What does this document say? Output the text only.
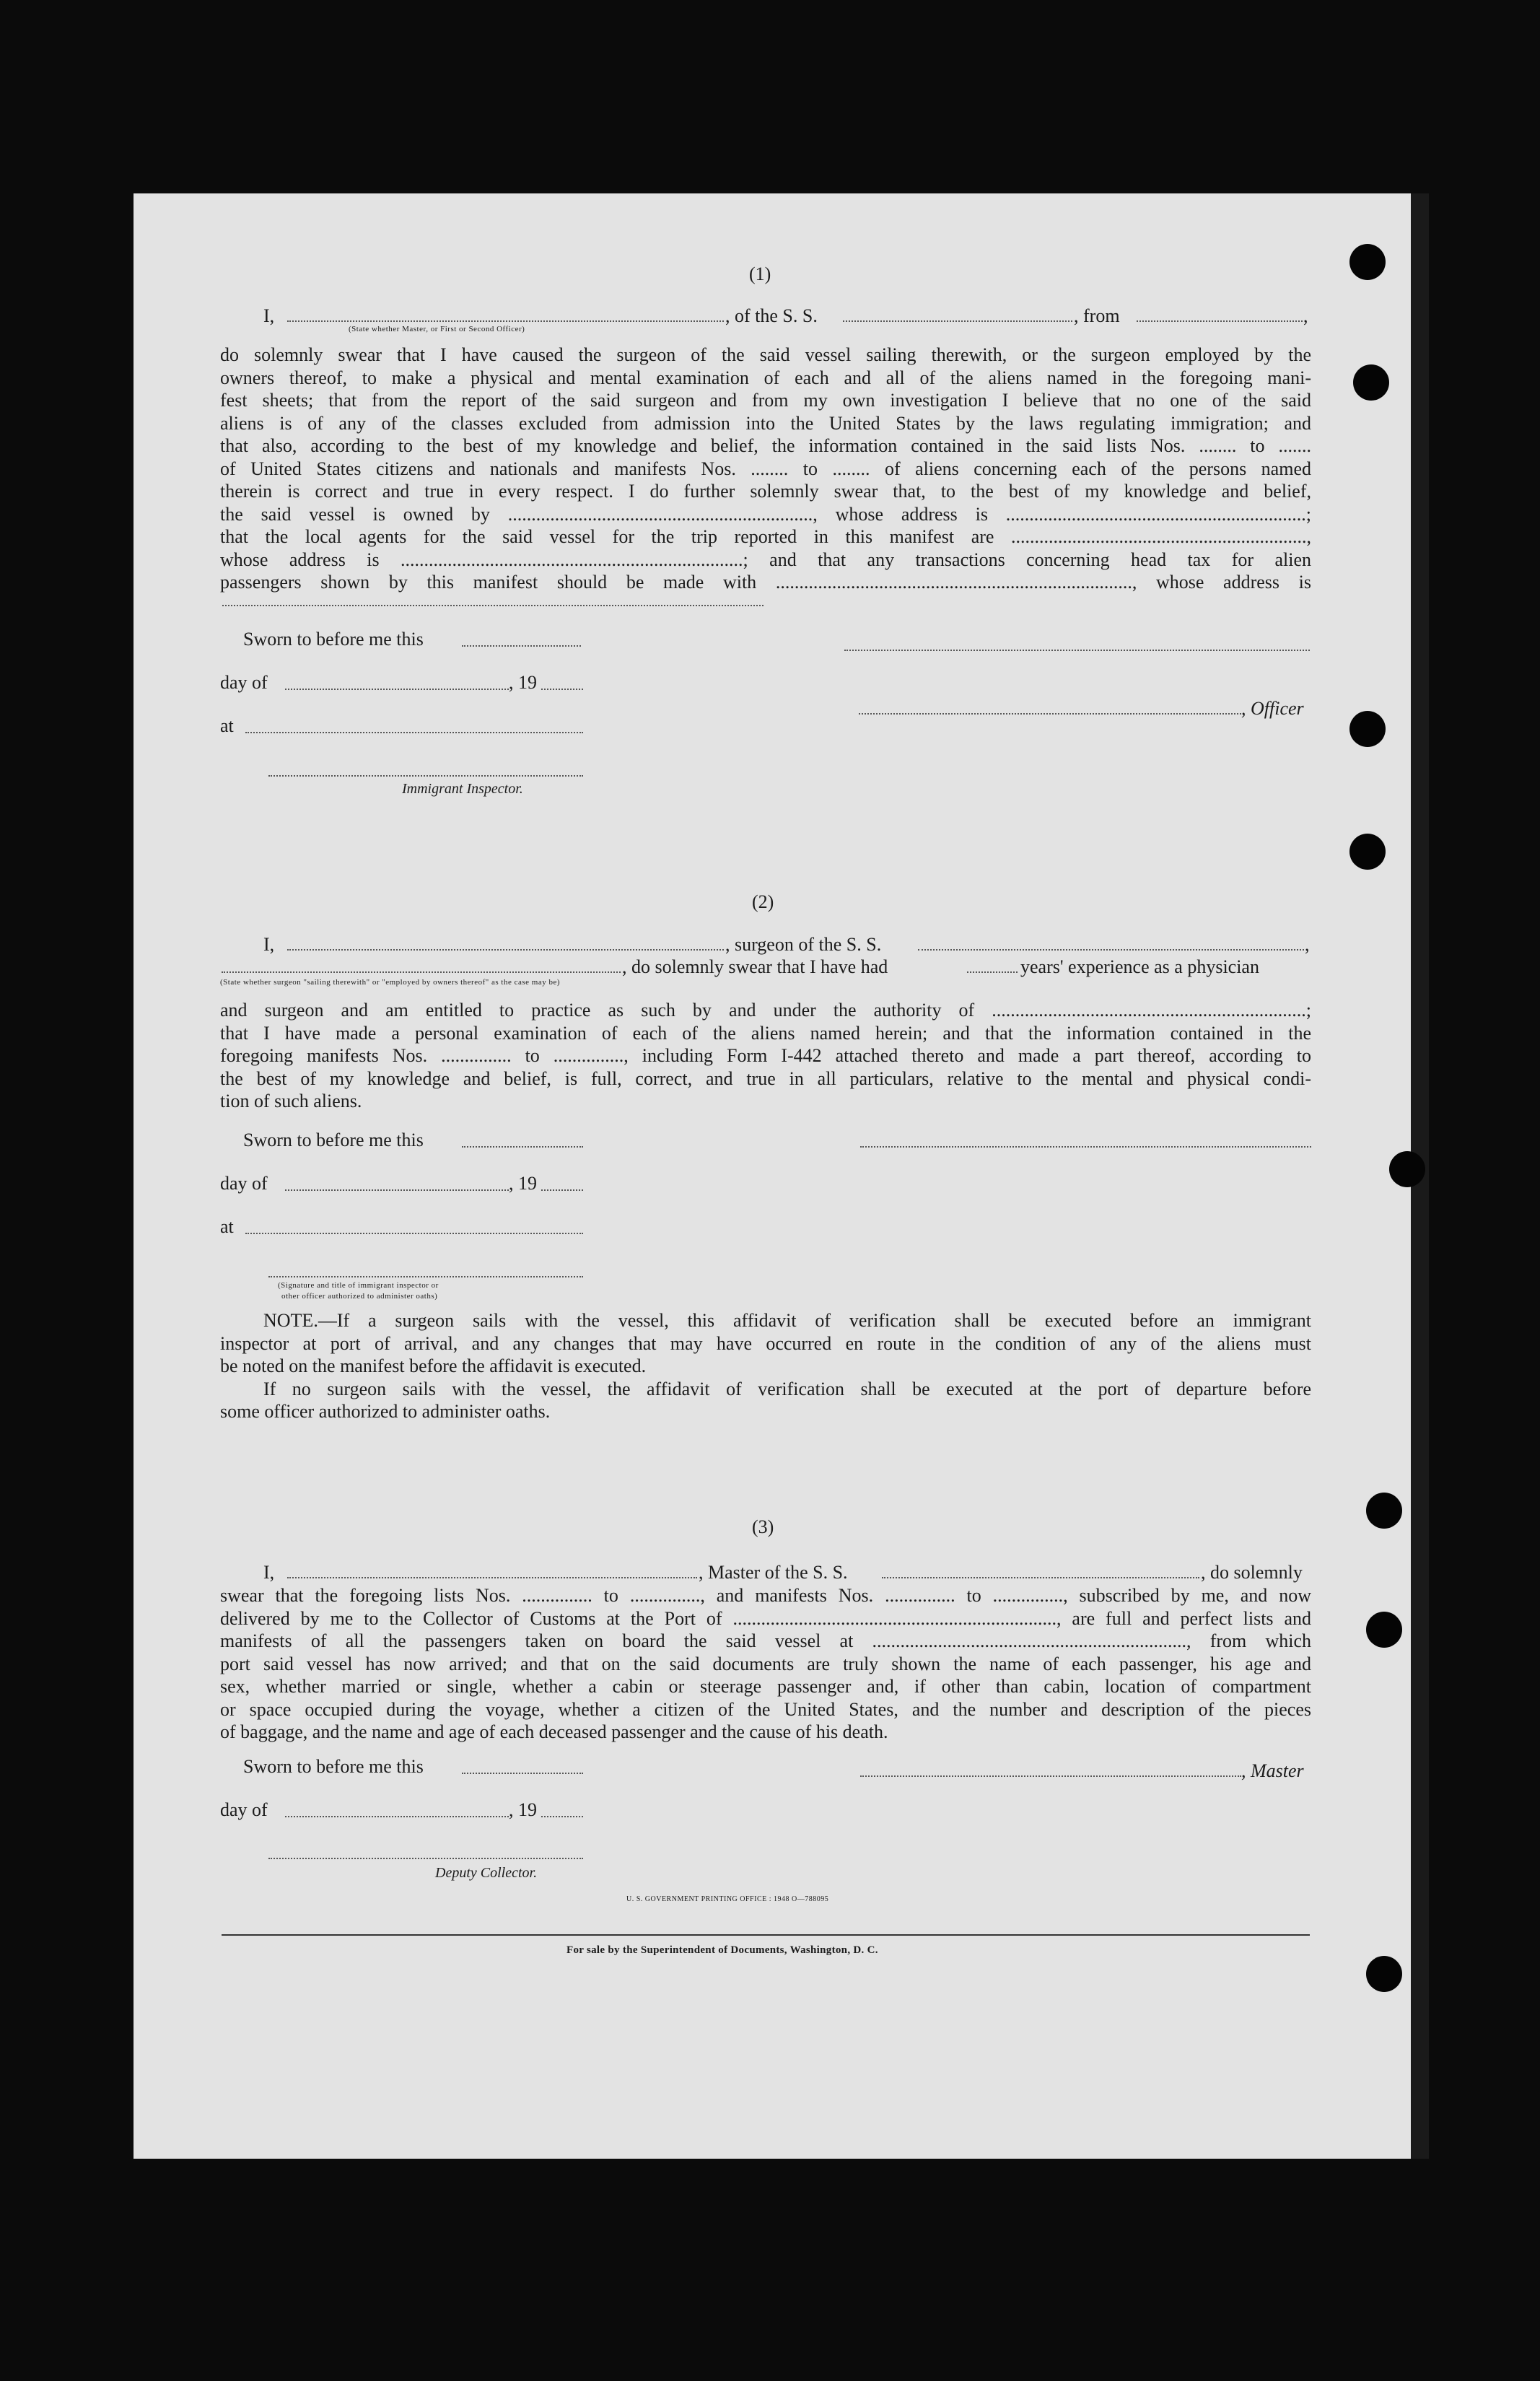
(1)
I,	, of the S. S.	, from	,
(State whether Master, or First or Second Officer)
do solemnly swear that I have caused the surgeon of the said vessel sailing therewith, or the surgeon employed by the
owners thereof, to make a physical and mental examination of each and all of the aliens named in the foregoing mani-
fest sheets; that from the report of the said surgeon and from my own investigation I believe that no one of the said
aliens is of any of the classes excluded from admission into the United States by the laws regulating immigration; and
that also, according to the best of my knowledge and belief, the information contained in the said lists Nos. ........ to .......
of United States citizens and nationals and manifests Nos. ........ to ........ of aliens concerning each of the persons named
therein is correct and true in every respect. I do further solemnly swear that, to the best of my knowledge and belief,
the said vessel is owned by ................................................................., whose address is ................................................................;
that the local agents for the said vessel for the trip reported in this manifest are ...............................................................,
whose address is .........................................................................; and that any transactions concerning head tax for alien
passengers shown by this manifest should be made with ............................................................................, whose address is
Sworn to before me this
day of	, 19
, Officer
at
Immigrant Inspector.
(2)
I,	, surgeon of the S. S.	,
, do solemnly swear that I have had	years' experience as a physician
(State whether surgeon "sailing therewith" or "employed by owners thereof" as the case may be)
and surgeon and am entitled to practice as such by and under the authority of ...................................................................;
that I have made a personal examination of each of the aliens named herein; and that the information contained in the
foregoing manifests Nos. ............... to ..............., including Form I-442 attached thereto and made a part thereof, according to
the best of my knowledge and belief, is full, correct, and true in all particulars, relative to the mental and physical condi-
tion of such aliens.
Sworn to before me this
day of	, 19
at
(Signature and title of immigrant inspector or
other officer authorized to administer oaths)
NOTE.—If a surgeon sails with the vessel, this affidavit of verification shall be executed before an immigrant
inspector at port of arrival, and any changes that may have occurred en route in the condition of any of the aliens must
be noted on the manifest before the affidavit is executed.
If no surgeon sails with the vessel, the affidavit of verification shall be executed at the port of departure before
some officer authorized to administer oaths.
(3)
I,	, Master of the S. S.	, do solemnly
swear that the foregoing lists Nos. ............... to ..............., and manifests Nos. ............... to ..............., subscribed by me, and now
delivered by me to the Collector of Customs at the Port of ....................................................................., are full and perfect lists and
manifests of all the passengers taken on board the said vessel at ..................................................................., from which
port said vessel has now arrived; and that on the said documents are truly shown the name of each passenger, his age and
sex, whether married or single, whether a cabin or steerage passenger and, if other than cabin, location of compartment
or space occupied during the voyage, whether a citizen of the United States, and the number and description of the pieces
of baggage, and the name and age of each deceased passenger and the cause of his death.
Sworn to before me this	, Master
day of	, 19
Deputy Collector.
U. S. GOVERNMENT PRINTING OFFICE : 1948 O—788095
For sale by the Superintendent of Documents, Washington, D. C.
